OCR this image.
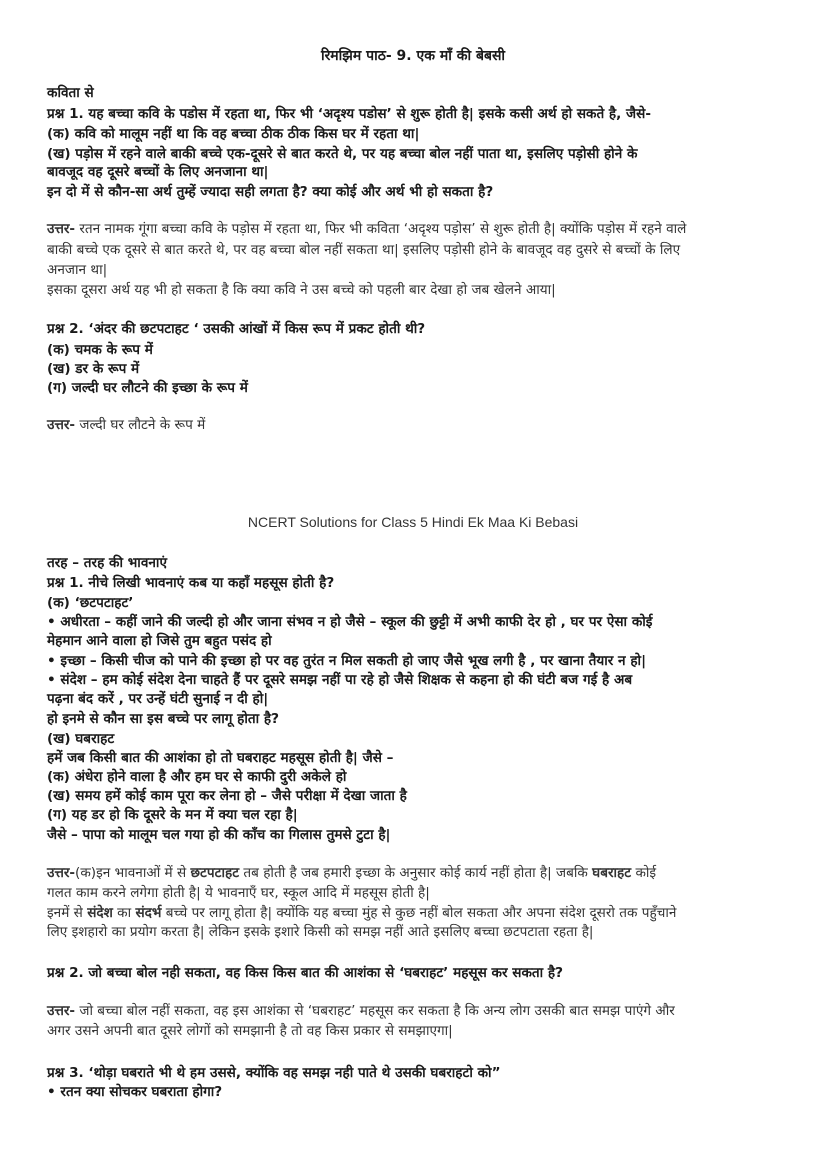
रिमझिम पाठ- 9. एक माँ की बेबसी
कविता से
प्रश्न 1. यह बच्चा कवि के पडोस में रहता था, फिर भी ‘अदृश्य पडोस’ से शुरू होती है| इसके कसी अर्थ हो सकते है, जैसे-
(क) कवि को मालूम नहीं था कि वह बच्चा ठीक ठीक किस घर में रहता था|
(ख) पड़ोस में रहने वाले बाकी बच्चे एक-दूसरे से बात करते थे, पर यह बच्चा बोल नहीं पाता था, इसलिए पड़ोसी होने के
बावजूद वह दूसरे बच्चों के लिए अनजाना था|
इन दो में से कौन-सा अर्थ तुम्हें ज्यादा सही लगता है? क्या कोई और अर्थ भी हो सकता है?
उत्तर- रतन नामक गूंगा बच्चा कवि के पड़ोस में रहता था, फिर भी कविता ‘अदृश्य पड़ोस’ से शुरू होती है| क्योंकि पड़ोस में रहने वाले
बाकी बच्चे एक दूसरे से बात करते थे, पर वह बच्चा बोल नहीं सकता था| इसलिए पड़ोसी होने के बावजूद वह दुसरे से बच्चों के लिए
अनजान था|
इसका दूसरा अर्थ यह भी हो सकता है कि क्या कवि ने उस बच्चे को पहली बार देखा हो जब खेलने आया|
प्रश्न 2. ‘अंदर की छटपटाहट ‘ उसकी आंखों में किस रूप में प्रकट होती थी?
(क) चमक के रूप में
(ख) डर के रूप में
(ग) जल्दी घर लौटने की इच्छा के रूप में
उत्तर- जल्दी घर लौटने के रूप में
NCERT Solutions for Class 5 Hindi Ek Maa Ki Bebasi
तरह – तरह की भावनाएं
प्रश्न 1. नीचे लिखी भावनाएं कब या कहाँ महसूस होती है?
(क) ‘छटपटाहट’
• अधीरता – कहीं जाने की जल्दी हो और जाना संभव न हो जैसे – स्कूल की छुट्टी में अभी काफी देर हो , घर पर ऐसा कोई
मेहमान आने वाला हो जिसे तुम बहुत पसंद हो
• इच्छा – किसी चीज को पाने की इच्छा हो पर वह तुरंत न मिल सकती हो जाए जैसे भूख लगी है , पर खाना तैयार न हो|
• संदेश – हम कोई संदेश देना चाहते हैं पर दूसरे समझ नहीं पा रहे हो जैसे शिक्षक से कहना हो की घंटी बज गई है अब
पढ़ना बंद करें , पर उन्हें घंटी सुनाई न दी हो|
हो इनमे से कौन सा इस बच्चे पर लागू होता है?
(ख) घबराहट
हमें जब किसी बात की आशंका हो तो घबराहट महसूस होती है| जैसे –
(क) अंधेरा होने वाला है और हम घर से काफी दुरी अकेले हो
(ख) समय हमें कोई काम पूरा कर लेना हो – जैसे परीक्षा में देखा जाता है
(ग) यह डर हो कि दूसरे के मन में क्या चल रहा है|
जैसे – पापा को मालूम चल गया हो की काँच का गिलास तुमसे टुटा है|
उत्तर-(क)इन भावनाओं में से छटपटाहट तब होती है जब हमारी इच्छा के अनुसार कोई कार्य नहीं होता है| जबकि घबराहट कोई
गलत काम करने लगेगा होती है| ये भावनाएँ घर, स्कूल आदि में महसूस होती है|
इनमें से संदेश का संदर्भ बच्चे पर लागू होता है| क्योंकि यह बच्चा मुंह से कुछ नहीं बोल सकता और अपना संदेश दूसरो तक पहुँचाने
लिए इशहारो का प्रयोग करता है| लेकिन इसके इशारे किसी को समझ नहीं आते इसलिए बच्चा छटपटाता रहता है|
प्रश्न 2. जो बच्चा बोल नही सकता, वह किस किस बात की आशंका से ‘घबराहट’ महसूस कर सकता है?
उत्तर- जो बच्चा बोल नहीं सकता, वह इस आशंका से ‘घबराहट’ महसूस कर सकता है कि अन्य लोग उसकी बात समझ पाएंगे और
अगर उसने अपनी बात दूसरे लोगों को समझानी है तो वह किस प्रकार से समझाएगा|
प्रश्न 3. ‘थोड़ा घबराते भी थे हम उससे, क्योंकि वह समझ नही पाते थे उसकी घबराहटो को”
• रतन क्या सोचकर घबराता होगा?
